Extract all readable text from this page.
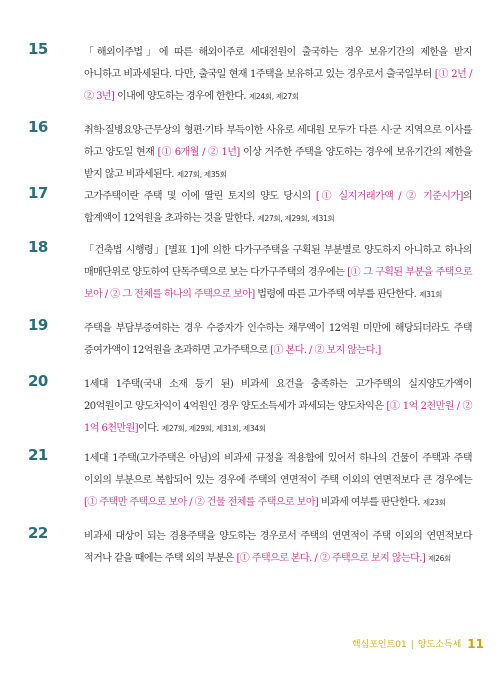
15	「해외이주법」에 따른 해외이주로 세대전원이 출국하는 경우 보유기간의 제한을 받지 아니하고 비과세된다. 다만, 출국일 현재 1주택을 보유하고 있는 경우로서 출국일부터 [① 2년 / ② 3년] 이내에 양도하는 경우에 한한다. 제24회, 제27회
16	취학·질병요양·근무상의 형편·기타 부득이한 사유로 세대원 모두가 다른 시·군 지역으로 이사를 하고 양도일 현재 [① 6개월 / ② 1년] 이상 거주한 주택을 양도하는 경우에 보유기간의 제한을 받지 않고 비과세된다. 제27회, 제35회
17	고가주택이란 주택 및 이에 딸린 토지의 양도 당시의 [① 실지거래가액 / ② 기준시가]의 합계액이 12억원을 초과하는 것을 말한다. 제27회, 제29회, 제31회
18	「건축법 시행령」[별표 1]에 의한 다가구주택을 구획된 부분별로 양도하지 아니하고 하나의 매매단위로 양도하여 단독주택으로 보는 다가구주택의 경우에는 [① 그 구획된 부분을 주택으로 보아 / ② 그 전체를 하나의 주택으로 보아] 법령에 따른 고가주택 여부를 판단한다. 제31회
19	주택을 부담부증여하는 경우 수증자가 인수하는 채무액이 12억원 미만에 해당되더라도 주택 증여가액이 12억원을 초과하면 고가주택으로 [① 본다. / ② 보지 않는다.]
20	1세대 1주택(국내 소재 등기 된) 비과세 요건을 충족하는 고가주택의 실지양도가액이 20억원이고 양도차익이 4억원인 경우 양도소득세가 과세되는 양도차익은 [① 1억 2천만원 / ② 1억 6천만원]이다. 제27회, 제29회, 제31회, 제34회
21	1세대 1주택(고가주택은 아님)의 비과세 규정을 적용함에 있어서 하나의 건물이 주택과 주택 이외의 부분으로 복합되어 있는 경우에 주택의 연면적이 주택 이외의 연면적보다 큰 경우에는 [① 주택만 주택으로 보아 / ② 건물 전체를 주택으로 보아] 비과세 여부를 판단한다. 제23회
22	비과세 대상이 되는 겸용주택을 양도하는 경우로서 주택의 연면적이 주택 이외의 연면적보다 적거나 같을 때에는 주택 외의 부분은 [① 주택으로 본다. / ② 주택으로 보지 않는다.] 제26회
핵심포인트01 | 양도소득세 11
